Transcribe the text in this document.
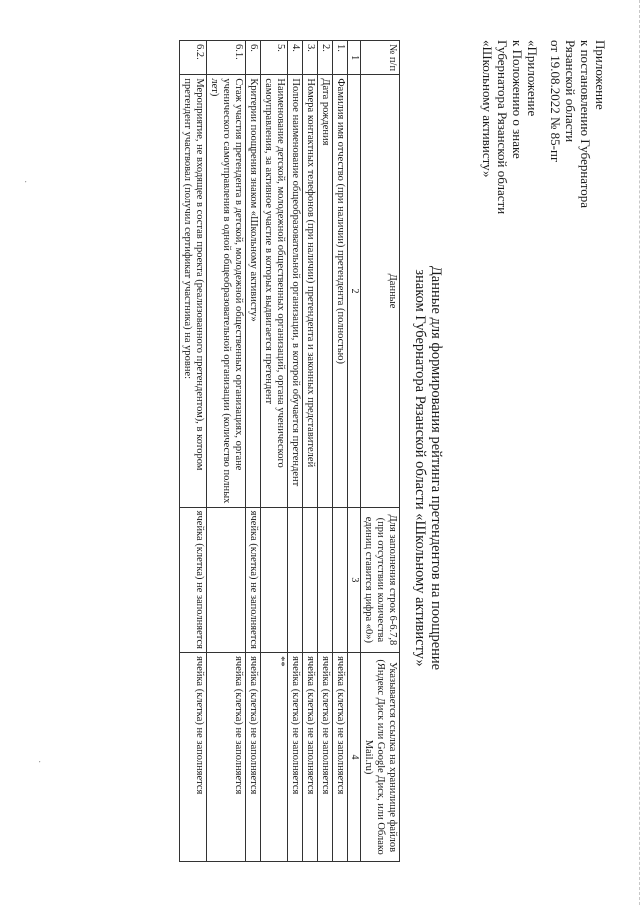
Приложение
к постановлению Губернатора
Рязанской области
от 19.08.2022 № 85-пг
«Приложение
к Положению о знаке
Губернатора Рязанской области
«Школьному активисту»
Данные для формирования рейтинга претендентов на поощрение
знаком Губернатора Рязанской области «Школьному активисту»
№ п/п	Данные	Для заполнения строк 6-6.7,8 (при отсутствии количества единиц ставится цифра «0»)	Указывается ссылка на хранилище файлов (Яндекс Диск или Google Диск, или Облако Mail.ru)
1	2	3	4
1.	Фамилия имя отчество (при наличии) претендента (полностью)		ячейка (клетка) не заполняется
2.	Дата рождения		ячейка (клетка) не заполняется
3.	Номера контактных телефонов (при наличии) претендента и законных представителей		ячейка (клетка) не заполняется
4.	Полное наименование общеобразовательной организации, в которой обучается претендент		ячейка (клетка) не заполняется
5.	Наименование детской, молодежной общественных организаций, органа ученического самоуправления, за активное участие в которых выдвигается претендент		**
6.	Критерии поощрения знаком «Школьному активисту»	ячейка (клетка) не заполняется	ячейка (клетка) не заполняется
6.1.	Стаж участия претендента в детской, молодежной общественных организациях, органе ученического самоуправления в одной общеобразовательной организации (количество полных лет)		ячейка (клетка) не заполняется
6.2.	Мероприятие, не входящее в состав проекта (реализованного претендентом), в котором претендент участвовал (получил сертификат участника) на уровне:	ячейка (клетка) не заполняется	ячейка (клетка) не заполняется
·
·
